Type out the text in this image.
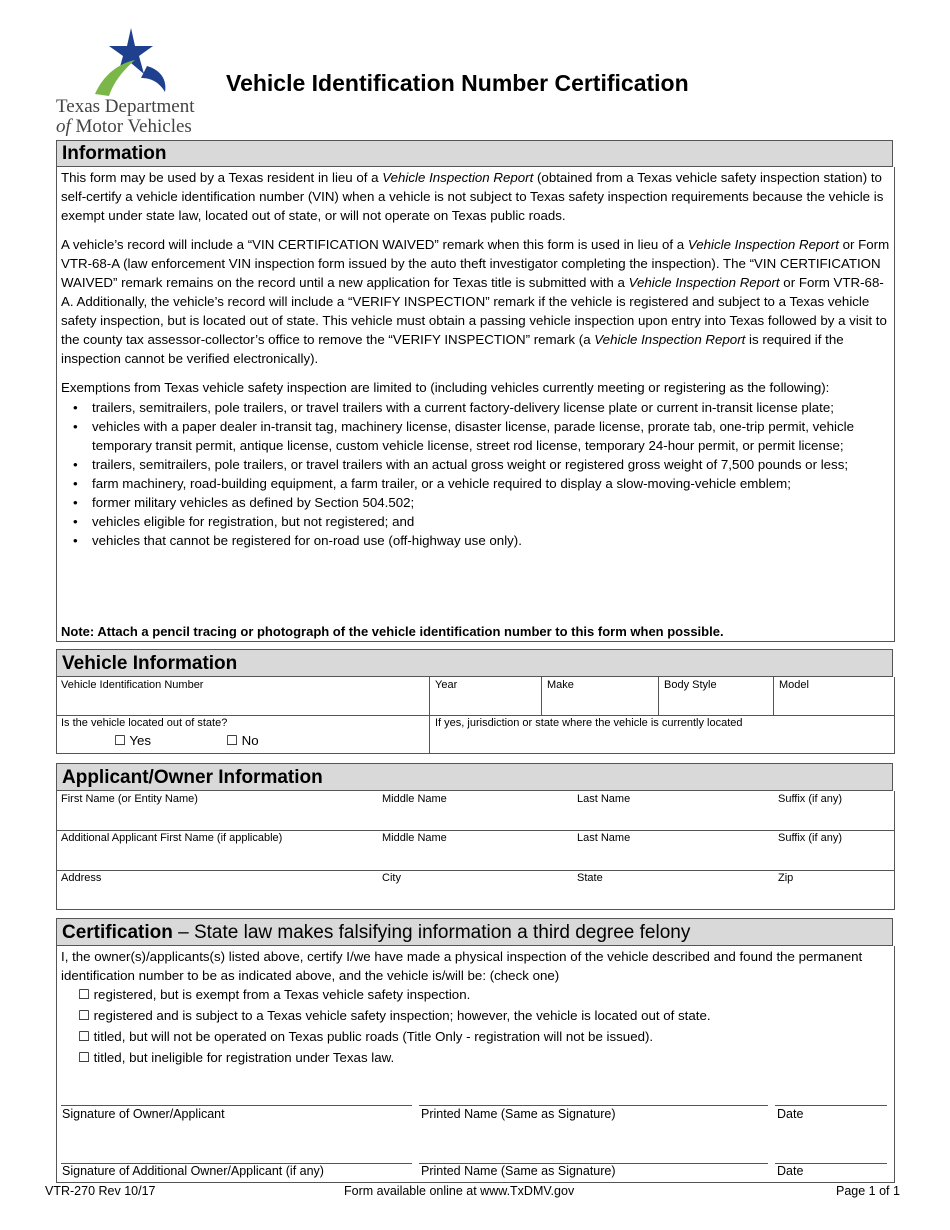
Texas Department
of Motor Vehicles
Vehicle Identification Number Certification
Information
This form may be used by a Texas resident in lieu of a Vehicle Inspection Report (obtained from a Texas vehicle safety inspection station) to self-certify a vehicle identification number (VIN) when a vehicle is not subject to Texas safety inspection requirements because the vehicle is exempt under state law, located out of state, or will not operate on Texas public roads.
A vehicle’s record will include a “VIN CERTIFICATION WAIVED” remark when this form is used in lieu of a Vehicle Inspection Report or Form VTR-68-A (law enforcement VIN inspection form issued by the auto theft investigator completing the inspection). The “VIN CERTIFICATION WAIVED” remark remains on the record until a new application for Texas title is submitted with a Vehicle Inspection Report or Form VTR-68-A. Additionally, the vehicle’s record will include a “VERIFY INSPECTION” remark if the vehicle is registered and subject to a Texas vehicle safety inspection, but is located out of state. This vehicle must obtain a passing vehicle inspection upon entry into Texas followed by a visit to the county tax assessor-collector’s office to remove the “VERIFY INSPECTION” remark (a Vehicle Inspection Report is required if the inspection cannot be verified electronically).
Exemptions from Texas vehicle safety inspection are limited to (including vehicles currently meeting or registering as the following):
• trailers, semitrailers, pole trailers, or travel trailers with a current factory-delivery license plate or current in-transit license plate;
• vehicles with a paper dealer in-transit tag, machinery license, disaster license, parade license, prorate tab, one-trip permit, vehicle temporary transit permit, antique license, custom vehicle license, street rod license, temporary 24-hour permit, or permit license;
• trailers, semitrailers, pole trailers, or travel trailers with an actual gross weight or registered gross weight of 7,500 pounds or less;
• farm machinery, road-building equipment, a farm trailer, or a vehicle required to display a slow-moving-vehicle emblem;
• former military vehicles as defined by Section 504.502;
• vehicles eligible for registration, but not registered; and
• vehicles that cannot be registered for on-road use (off-highway use only).
Note: Attach a pencil tracing or photograph of the vehicle identification number to this form when possible.
Vehicle Information
Vehicle Identification Number	Year	Make	Body Style	Model
Is the vehicle located out of state?
☐ Yes	☐ No
If yes, jurisdiction or state where the vehicle is currently located
Applicant/Owner Information
First Name (or Entity Name)	Middle Name	Last Name	Suffix (if any)
Additional Applicant First Name (if applicable)	Middle Name	Last Name	Suffix (if any)
Address	City	State	Zip
Certification – State law makes falsifying information a third degree felony
I, the owner(s)/applicants(s) listed above, certify I/we have made a physical inspection of the vehicle described and found the permanent identification number to be as indicated above, and the vehicle is/will be: (check one)
☐ registered, but is exempt from a Texas vehicle safety inspection.
☐ registered and is subject to a Texas vehicle safety inspection; however, the vehicle is located out of state.
☐ titled, but will not be operated on Texas public roads (Title Only - registration will not be issued).
☐ titled, but ineligible for registration under Texas law.
Signature of Owner/Applicant	Printed Name (Same as Signature)	Date
Signature of Additional Owner/Applicant (if any)	Printed Name (Same as Signature)	Date
VTR-270 Rev 10/17	Form available online at www.TxDMV.gov	Page 1 of 1
